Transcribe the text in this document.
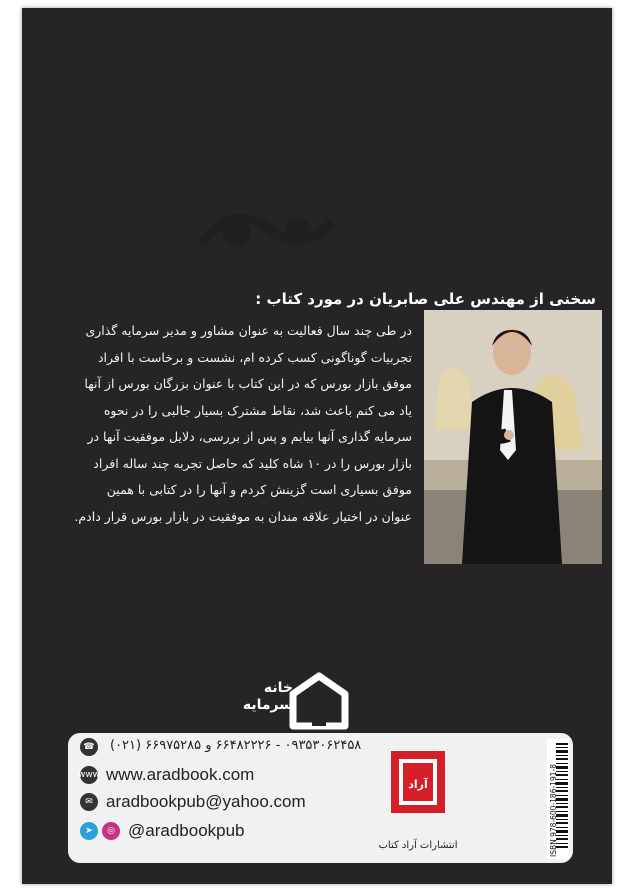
سخنی از مهندس علی صابریان در مورد کتاب :
در طی چند سال فعالیت به عنوان مشاور و مدیر سرمایه گذاری
تجربیات گوناگونی کسب کرده ام، نشست و برخاست با افراد
موفق بازار بورس که در این کتاب با عنوان بزرگان بورس از آنها
یاد می کنم باعث شد، نقاط مشترک بسیار جالبی را در نحوه
سرمایه گذاری آنها بیابم و پس از بررسی، دلایل موفقیت آنها در
بازار بورس را در ۱۰ شاه کلید که حاصل تجربه چند ساله افراد
موفق بسیاری است گزینش کردم و آنها را در کتابی با همین
عنوان در اختیار علاقه مندان به موفقیت در بازار بورس قرار دادم.
خانه
سرمایه
☎ ۰۹۳۵۳۰۶۲۴۵۸ - ۶۶۴۸۲۲۲۶ و ۶۶۹۷۵۲۸۵ (۰۲۱)
www www.aradbook.com
✉ aradbookpub@yahoo.com
➤	◎ @aradbookpub
آراد
انتشارات آراد کتاب	ISBN 978-600-186-191-8
